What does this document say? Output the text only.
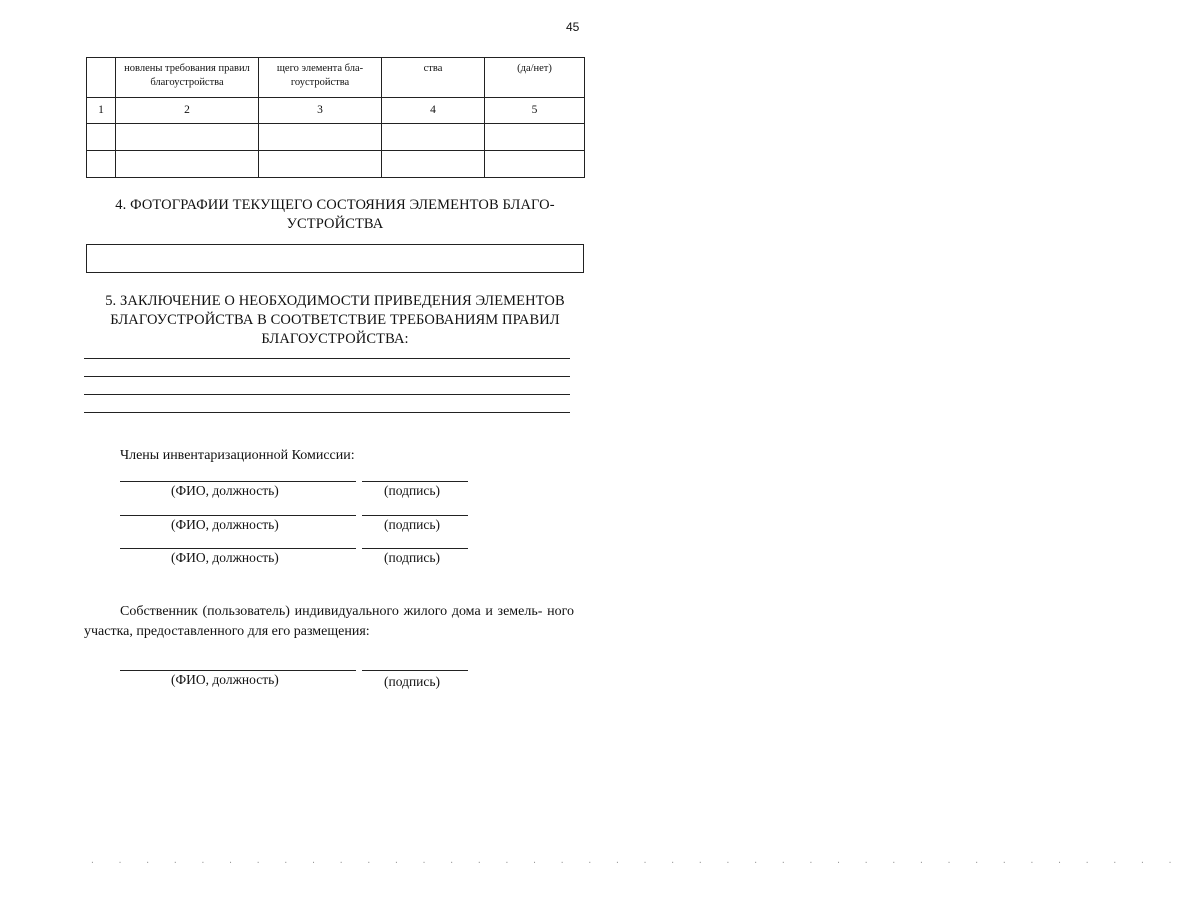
45
	новлены требования правил благоустройства	щего элемента бла-гоустройства	ства	(да/нет)
1	2	3	4	5

4. ФОТОГРАФИИ ТЕКУЩЕГО СОСТОЯНИЯ ЭЛЕМЕНТОВ БЛАГО-
УСТРОЙСТВА
5. ЗАКЛЮЧЕНИЕ О НЕОБХОДИМОСТИ ПРИВЕДЕНИЯ ЭЛЕМЕНТОВ
БЛАГОУСТРОЙСТВА В СООТВЕТСТВИЕ ТРЕБОВАНИЯМ ПРАВИЛ
БЛАГОУСТРОЙСТВА:
Члены инвентаризационной Комиссии:
(ФИО, должность)	(подпись)
(ФИО, должность)	(подпись)
(ФИО, должность)	(подпись)
Собственник (пользователь) индивидуального жилого дома и земель- ного участка, предоставленного для его размещения:
(ФИО, должность)	(подпись)
· · · · · · · · · · · · · · · · · · · · · · · · · · · · · · · · · · · · · · · ·
